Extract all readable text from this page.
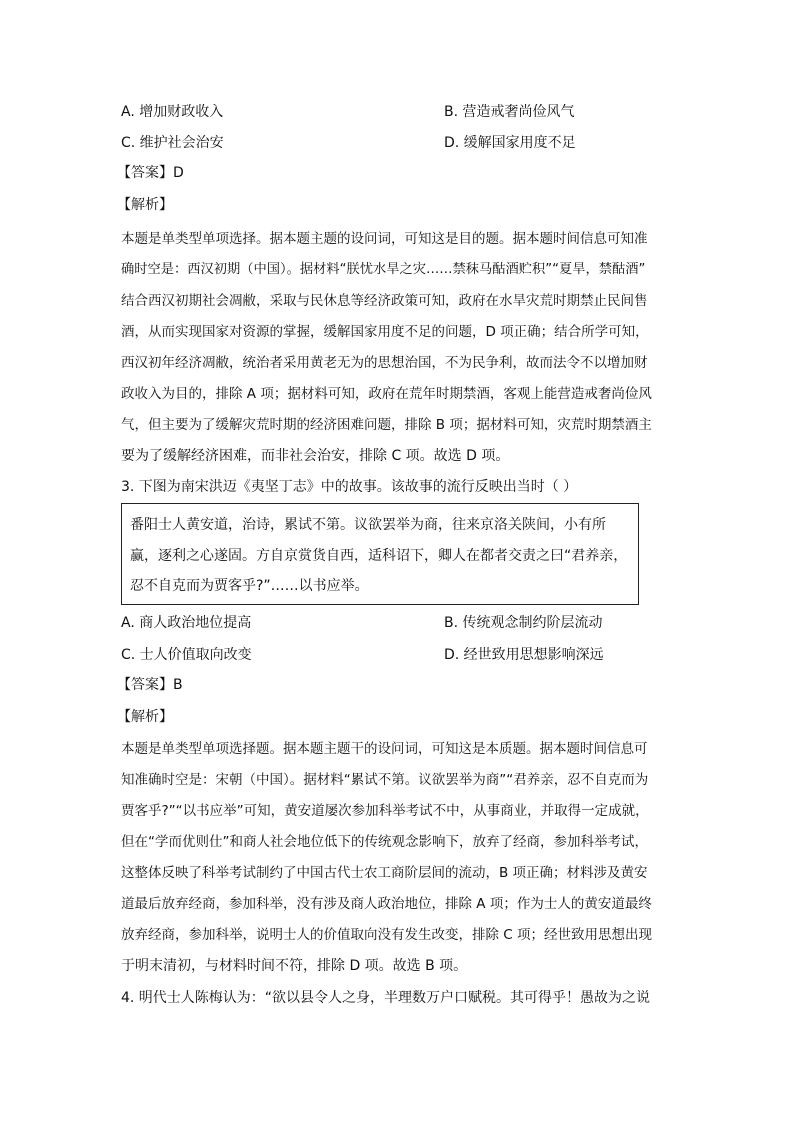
A. 增加财政收入	B. 营造戒奢尚俭风气
C. 维护社会治安	D. 缓解国家用度不足
【答案】D
【解析】
本题是单类型单项选择。据本题主题的设问词，可知这是目的题。据本题时间信息可知准
确时空是：西汉初期（中国）。据材料“朕忧水旱之灾……禁秣马酤酒贮积”“夏旱，禁酤酒”
结合西汉初期社会凋敝，采取与民休息等经济政策可知，政府在水旱灾荒时期禁止民间售
酒，从而实现国家对资源的掌握，缓解国家用度不足的问题，D 项正确；结合所学可知，
西汉初年经济凋敝，统治者采用黄老无为的思想治国，不为民争利，故而法令不以增加财
政收入为目的，排除 A 项；据材料可知，政府在荒年时期禁酒，客观上能营造戒奢尚俭风
气，但主要为了缓解灾荒时期的经济困难问题，排除 B 项；据材料可知，灾荒时期禁酒主
要为了缓解经济困难，而非社会治安，排除 C 项。故选 D 项。
3. 下图为南宋洪迈《夷坚丁志》中的故事。该故事的流行反映出当时（ ）
番阳士人黄安道，治诗，累试不第。议欲罢举为商，往来京洛关陕间，小有所
赢，逐利之心遂固。方自京赏货自西，适科诏下，卿人在都者交责之曰“君养亲，
忍不自克而为贾客乎?”……以书应举。
A. 商人政治地位提高	B. 传统观念制约阶层流动
C. 士人价值取向改变	D. 经世致用思想影响深远
【答案】B
【解析】
本题是单类型单项选择题。据本题主题干的设问词，可知这是本质题。据本题时间信息可
知准确时空是：宋朝（中国）。据材料“累试不第。议欲罢举为商”“君养亲，忍不自克而为
贾客乎?”“以书应举”可知，黄安道屡次参加科举考试不中，从事商业，并取得一定成就，
但在“学而优则仕”和商人社会地位低下的传统观念影响下，放弃了经商，参加科举考试，
这整体反映了科举考试制约了中国古代士农工商阶层间的流动，B 项正确；材料涉及黄安
道最后放弃经商，参加科举，没有涉及商人政治地位，排除 A 项；作为士人的黄安道最终
放弃经商，参加科举，说明士人的价值取向没有发生改变，排除 C 项；经世致用思想出现
于明末清初，与材料时间不符，排除 D 项。故选 B 项。
4. 明代士人陈梅认为：“欲以县令人之身，半理数万户口赋税。其可得乎！愚故为之说
